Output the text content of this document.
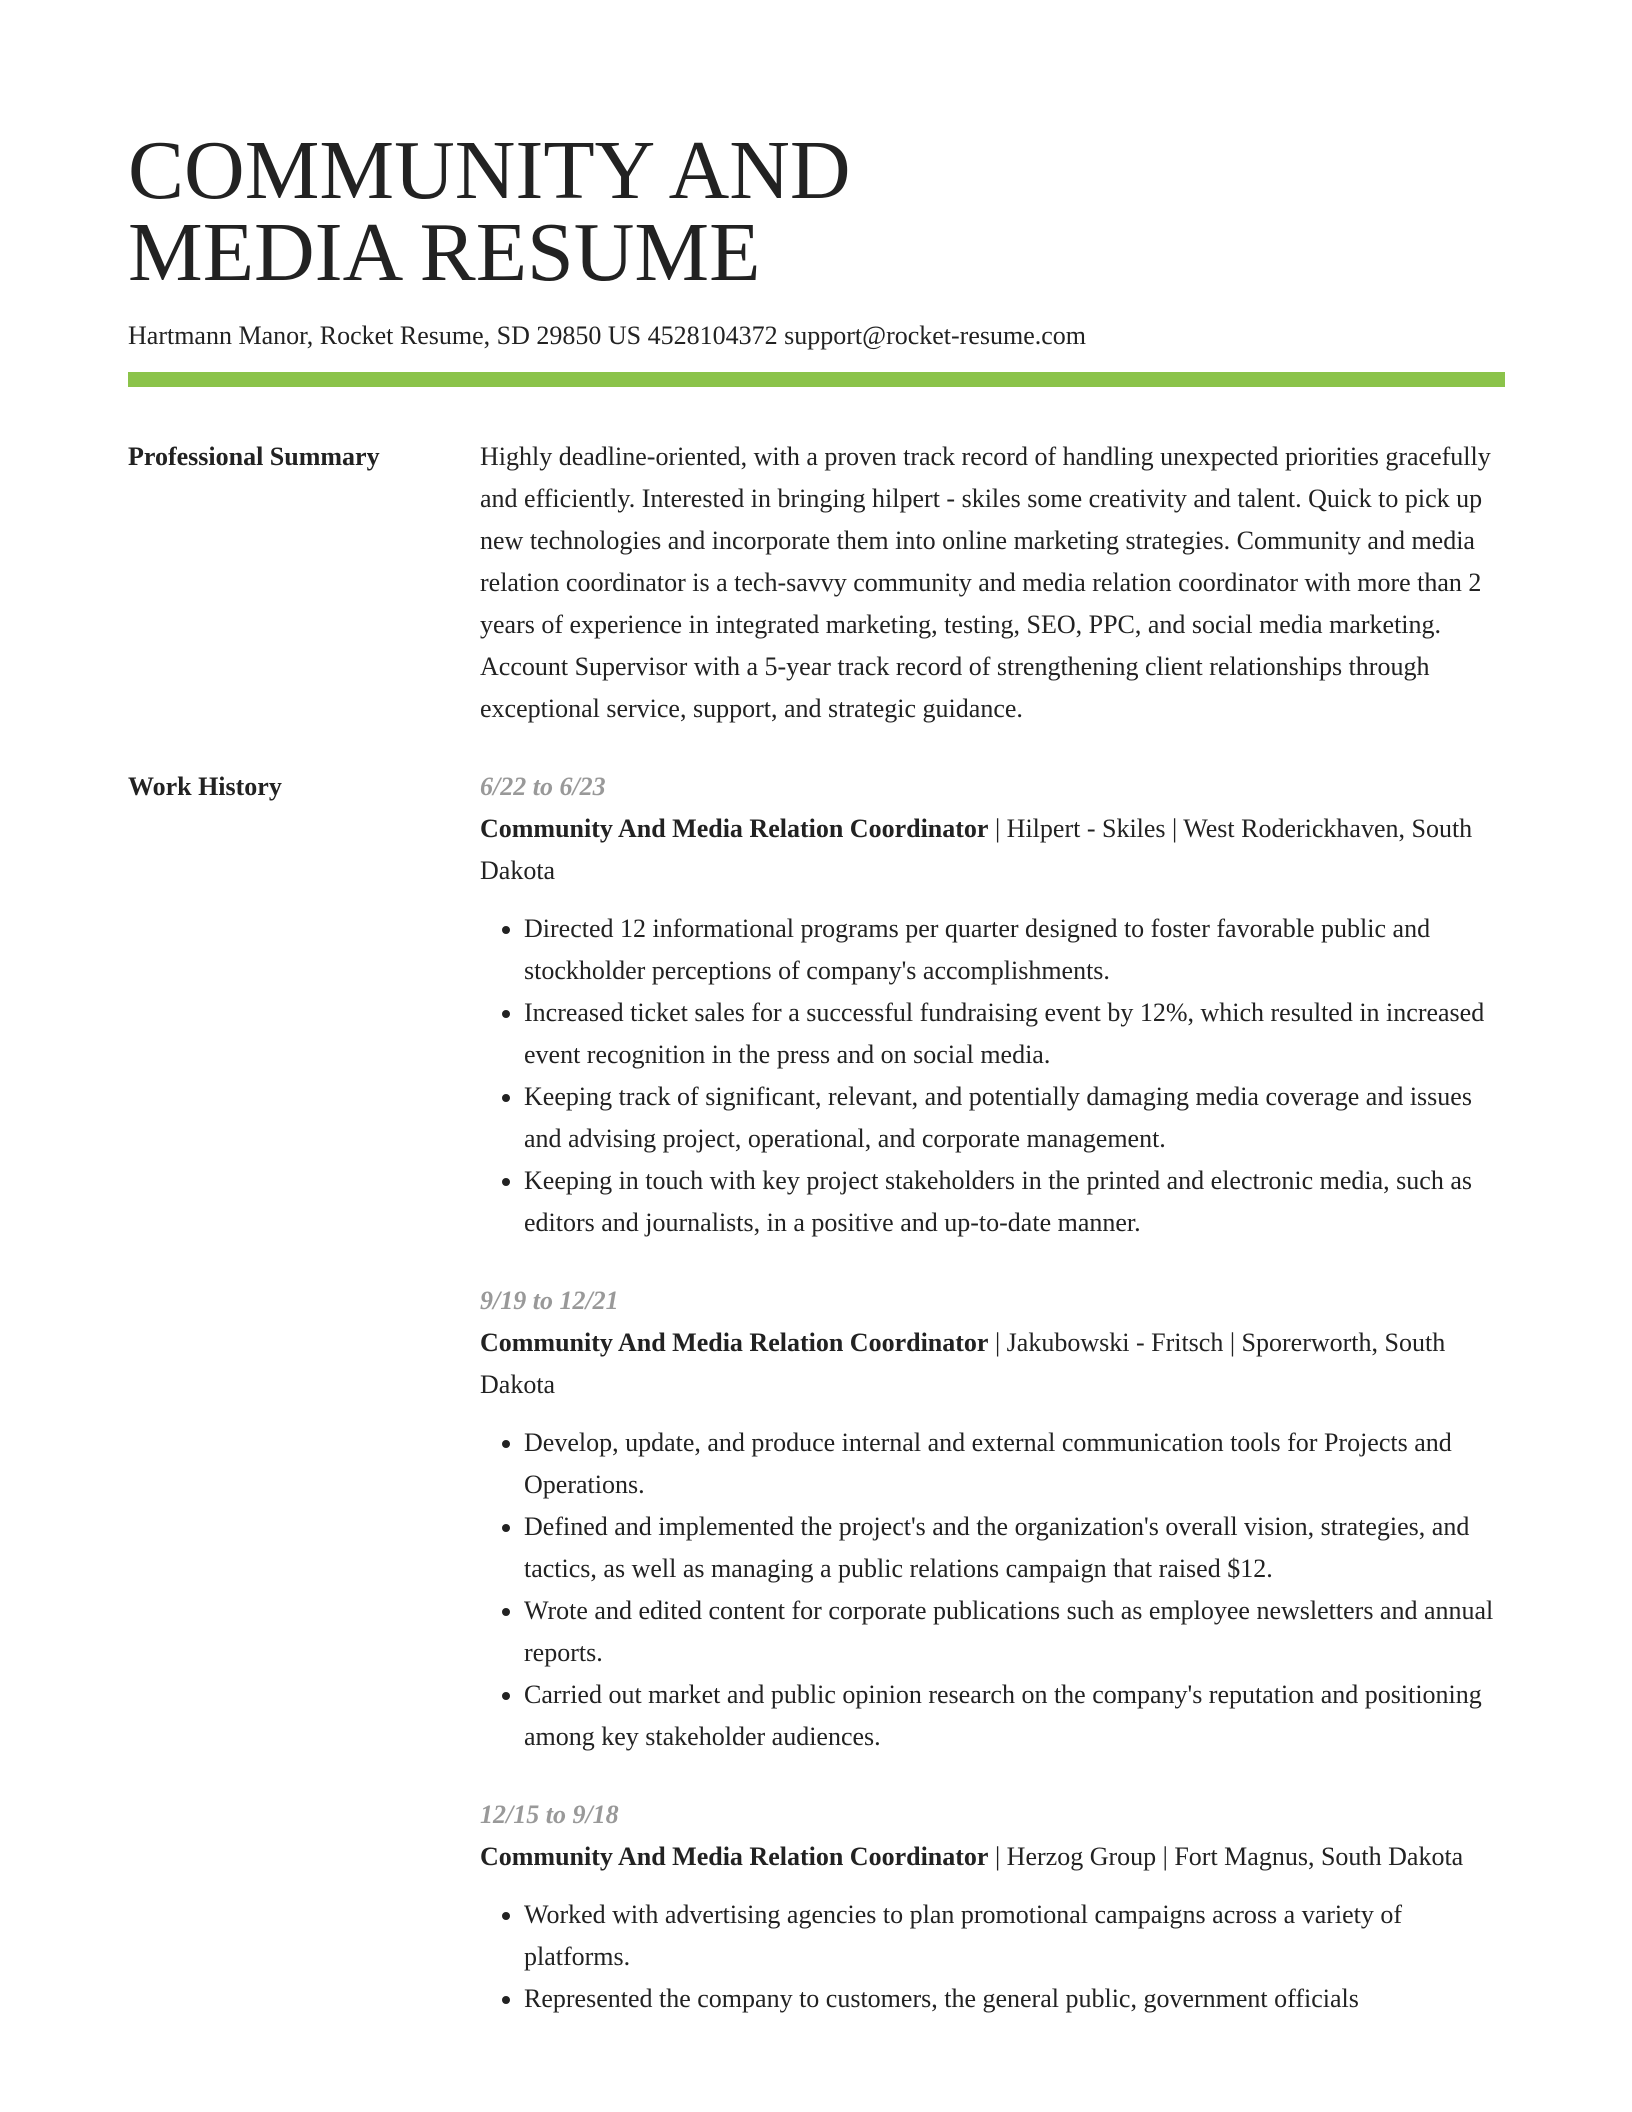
COMMUNITY AND
MEDIA RESUME
Hartmann Manor, Rocket Resume, SD 29850 US 4528104372 support@rocket-resume.com
Professional Summary	Highly deadline-oriented, with a proven track record of handling unexpected priorities gracefully and efficiently. Interested in bringing hilpert - skiles some creativity and talent. Quick to pick up new technologies and incorporate them into online marketing strategies. Community and media relation coordinator is a tech-savvy community and media relation coordinator with more than 2 years of experience in integrated marketing, testing, SEO, PPC, and social media marketing. Account Supervisor with a 5-year track record of strengthening client relationships through exceptional service, support, and strategic guidance.

Work History	6/22 to 6/23

Community And Media Relation Coordinator | Hilpert - Skiles | West Roderickhaven, South Dakota

• Directed 12 informational programs per quarter designed to foster favorable public and stockholder perceptions of company's accomplishments.
• Increased ticket sales for a successful fundraising event by 12%, which resulted in increased event recognition in the press and on social media.
• Keeping track of significant, relevant, and potentially damaging media coverage and issues and advising project, operational, and corporate management.
• Keeping in touch with key project stakeholders in the printed and electronic media, such as editors and journalists, in a positive and up-to-date manner.
9/19 to 12/21

Community And Media Relation Coordinator | Jakubowski - Fritsch | Sporerworth, South Dakota

• Develop, update, and produce internal and external communication tools for Projects and Operations.
• Defined and implemented the project's and the organization's overall vision, strategies, and tactics, as well as managing a public relations campaign that raised $12.
• Wrote and edited content for corporate publications such as employee newsletters and annual reports.
• Carried out market and public opinion research on the company's reputation and positioning among key stakeholder audiences.
12/15 to 9/18

Community And Media Relation Coordinator | Herzog Group | Fort Magnus, South Dakota

• Worked with advertising agencies to plan promotional campaigns across a variety of platforms.
• Represented the company to customers, the general public, government officials
